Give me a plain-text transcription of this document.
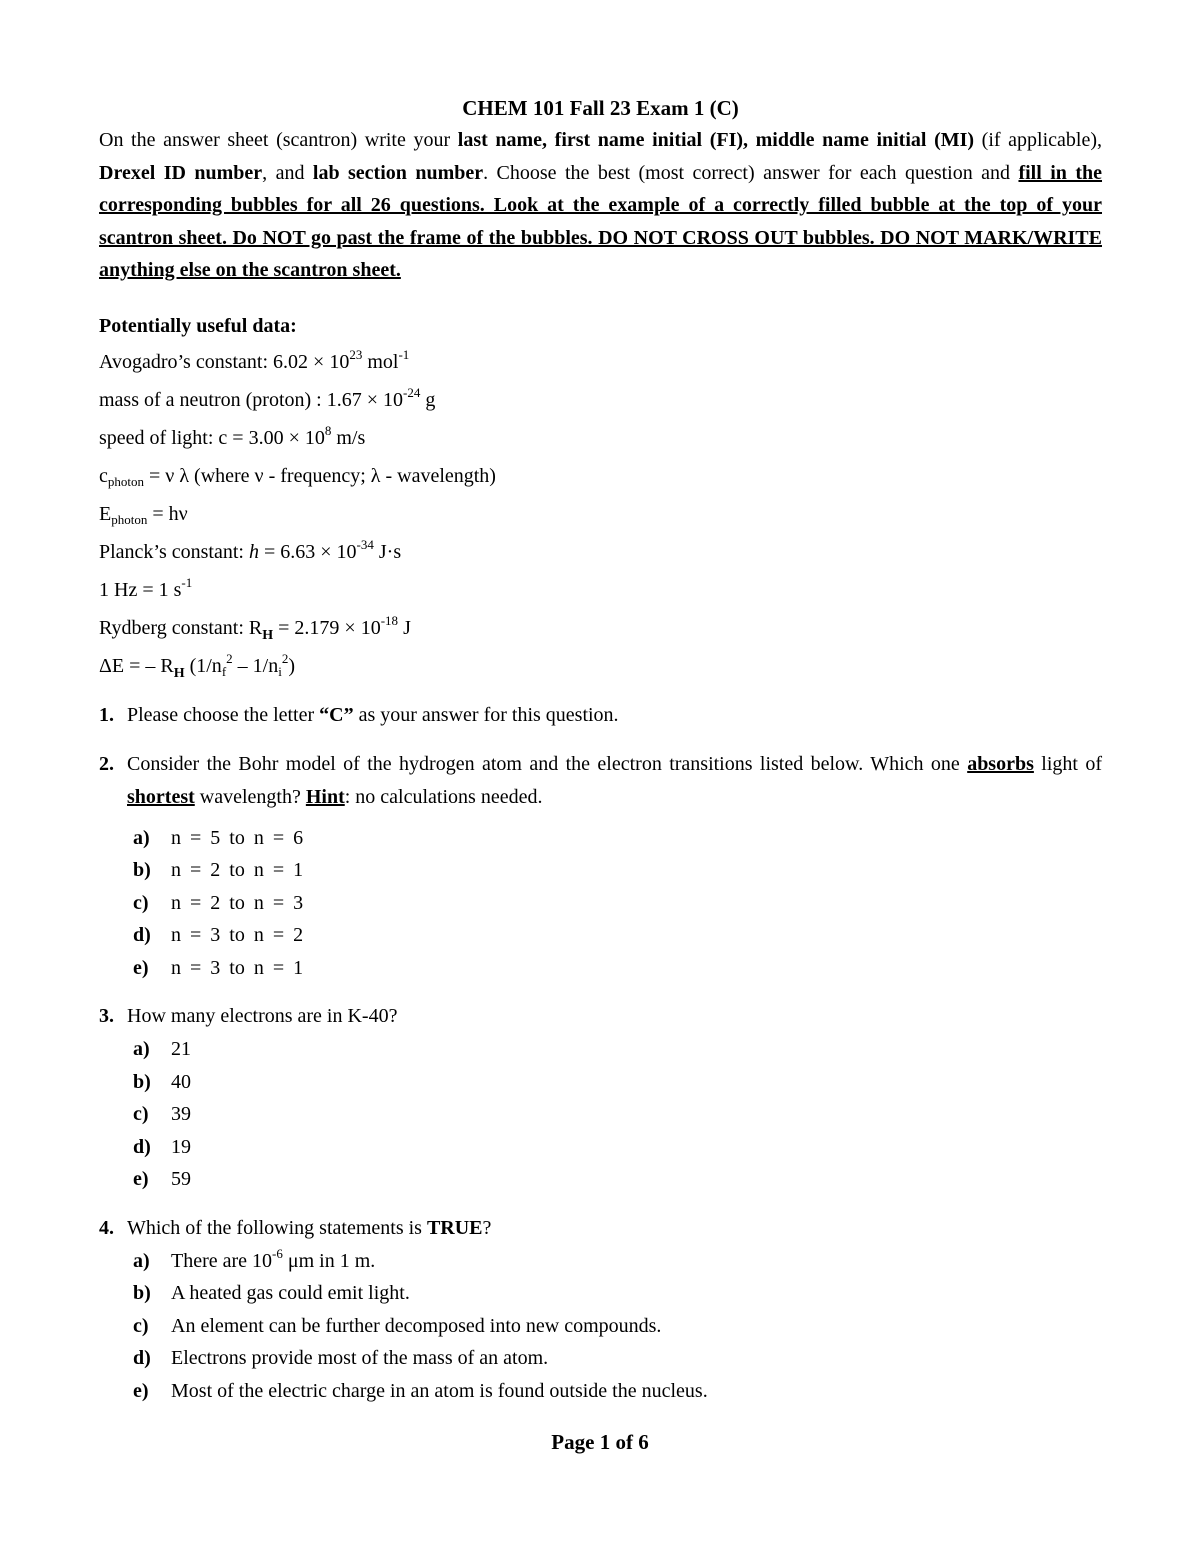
CHEM 101 Fall 23 Exam 1 (C)

On the answer sheet (scantron) write your last name, first name initial (FI), middle name initial (MI) (if applicable), Drexel ID number, and lab section number. Choose the best (most correct) answer for each question and fill in the corresponding bubbles for all 26 questions. Look at the example of a correctly filled bubble at the top of your scantron sheet. Do NOT go past the frame of the bubbles. DO NOT CROSS OUT bubbles. DO NOT MARK/WRITE anything else on the scantron sheet.

Potentially useful data:
Avogadro’s constant: $6.02 \times 10^{23}$ mol$^{-1}$
mass of a neutron (proton) : $1.67 \times 10^{-24}$ g
speed of light: $c = 3.00 \times 10^8$ m/s
$c_{photon} = \nu$ λ (where ν - frequency; λ - wavelength)
$E_{photon} = h\nu$
Planck’s constant: $h = 6.63 \times 10^{-34}$ J·s
1 Hz = 1 $s^{-1}$
Rydberg constant: $R_H = 2.179 \times 10^{-18}$ J
ΔE = – $R_H$ $(1/n_f^2 - 1/n_i^2)$
1. Please choose the letter “C” as your answer for this question.
2. Consider the Bohr model of the hydrogen atom and the electron transitions listed below. Which one absorbs light of shortest wavelength? Hint: no calculations needed.
a)	n = 5 to n = 6
b)	n = 2 to n = 1
c)	n = 2 to n = 3
d)	n = 3 to n = 2
e)	n = 3 to n = 1
3. How many electrons are in K-40?
a)	21
b)	40
c)	39
d)	19
e)	59
4. Which of the following statements is TRUE?
a)	There are $10^{-6}$ μm in 1 m.
b)	A heated gas could emit light.
c)	An element can be further decomposed into new compounds.
d)	Electrons provide most of the mass of an atom.
e)	Most of the electric charge in an atom is found outside the nucleus.
Page 1 of 6
